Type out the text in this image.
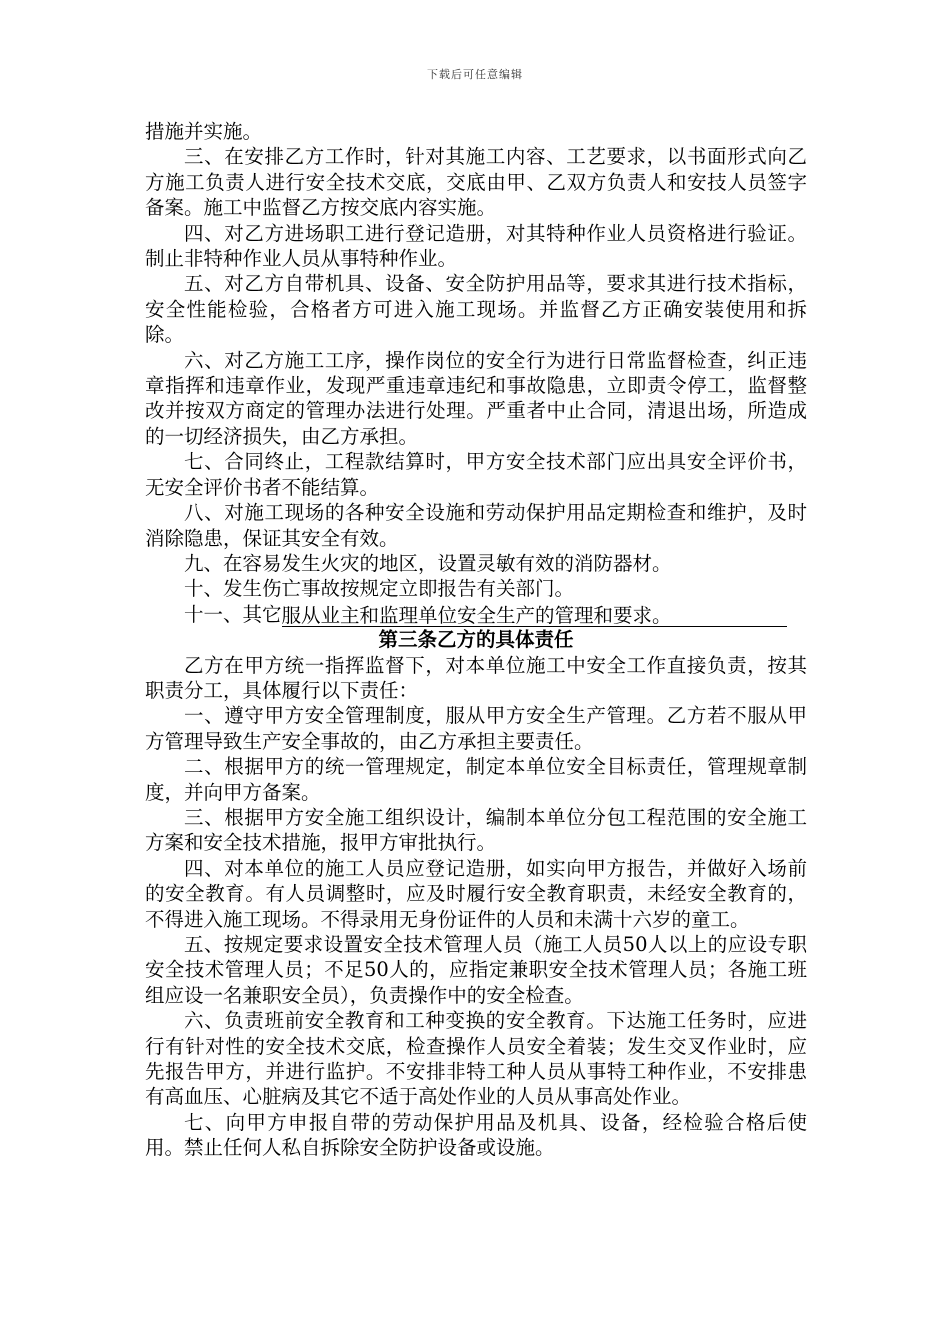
下载后可任意编辑

措施并实施。

三、在安排乙方工作时，针对其施工内容、工艺要求，以书面形式向乙方施工负责人进行安全技术交底，交底由甲、乙双方负责人和安技人员签字备案。施工中监督乙方按交底内容实施。

四、对乙方进场职工进行登记造册，对其特种作业人员资格进行验证。制止非特种作业人员从事特种作业。

五、对乙方自带机具、设备、安全防护用品等，要求其进行技术指标，安全性能检验，合格者方可进入施工现场。并监督乙方正确安装使用和拆除。

六、对乙方施工工序，操作岗位的安全行为进行日常监督检查，纠正违章指挥和违章作业，发现严重违章违纪和事故隐患，立即责令停工，监督整改并按双方商定的管理办法进行处理。严重者中止合同，清退出场，所造成的一切经济损失，由乙方承担。

七、合同终止，工程款结算时，甲方安全技术部门应出具安全评价书，无安全评价书者不能结算。

八、对施工现场的各种安全设施和劳动保护用品定期检查和维护，及时消除隐患，保证其安全有效。

九、在容易发生火灾的地区，设置灵敏有效的消防器材。

十、发生伤亡事故按规定立即报告有关部门。

十一、其它服从业主和监理单位安全生产的管理和要求。

第三条乙方的具体责任

乙方在甲方统一指挥监督下，对本单位施工中安全工作直接负责，按其职责分工，具体履行以下责任：

一、遵守甲方安全管理制度，服从甲方安全生产管理。乙方若不服从甲方管理导致生产安全事故的，由乙方承担主要责任。

二、根据甲方的统一管理规定，制定本单位安全目标责任，管理规章制度，并向甲方备案。

三、根据甲方安全施工组织设计，编制本单位分包工程范围的安全施工方案和安全技术措施，报甲方审批执行。

四、对本单位的施工人员应登记造册，如实向甲方报告，并做好入场前的安全教育。有人员调整时，应及时履行安全教育职责，未经安全教育的，不得进入施工现场。不得录用无身份证件的人员和未满十六岁的童工。

五、按规定要求设置安全技术管理人员（施工人员50人以上的应设专职安全技术管理人员；不足50人的，应指定兼职安全技术管理人员；各施工班组应设一名兼职安全员），负责操作中的安全检查。

六、负责班前安全教育和工种变换的安全教育。下达施工任务时，应进行有针对性的安全技术交底，检查操作人员安全着装；发生交叉作业时，应先报告甲方，并进行监护。不安排非特工种人员从事特工种作业，不安排患有高血压、心脏病及其它不适于高处作业的人员从事高处作业。

七、向甲方申报自带的劳动保护用品及机具、设备，经检验合格后使用。禁止任何人私自拆除安全防护设备或设施。
